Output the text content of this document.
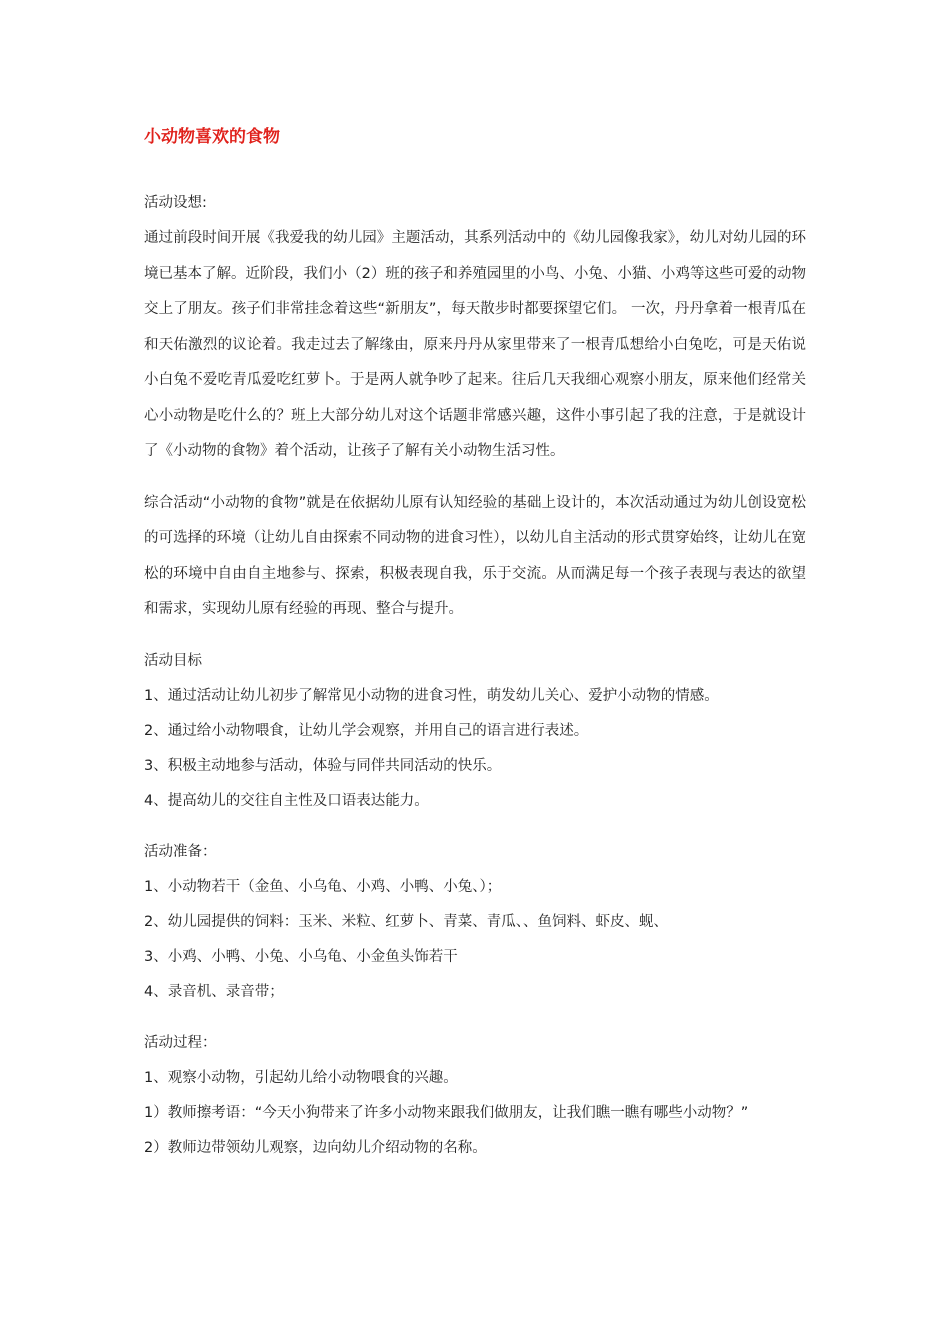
小动物喜欢的食物

活动设想:

通过前段时间开展《我爱我的幼儿园》主题活动，其系列活动中的《幼儿园像我家》，幼儿对幼儿园的环境已基本了解。近阶段，我们小（2）班的孩子和养殖园里的小鸟、小兔、小猫、小鸡等这些可爱的动物交上了朋友。孩子们非常挂念着这些“新朋友”，每天散步时都要探望它们。 一次，丹丹拿着一根青瓜在和天佑激烈的议论着。我走过去了解缘由，原来丹丹从家里带来了一根青瓜想给小白兔吃，可是天佑说小白兔不爱吃青瓜爱吃红萝卜。于是两人就争吵了起来。往后几天我细心观察小朋友，原来他们经常关心小动物是吃什么的？班上大部分幼儿对这个话题非常感兴趣，这件小事引起了我的注意，于是就设计了《小动物的食物》着个活动，让孩子了解有关小动物生活习性。

综合活动“小动物的食物”就是在依据幼儿原有认知经验的基础上设计的，本次活动通过为幼儿创设宽松的可选择的环境（让幼儿自由探索不同动物的进食习性），以幼儿自主活动的形式贯穿始终，让幼儿在宽松的环境中自由自主地参与、探索，积极表现自我，乐于交流。从而满足每一个孩子表现与表达的欲望和需求，实现幼儿原有经验的再现、整合与提升。

活动目标

1、通过活动让幼儿初步了解常见小动物的进食习性，萌发幼儿关心、爱护小动物的情感。

2、通过给小动物喂食，让幼儿学会观察，并用自己的语言进行表述。

3、积极主动地参与活动，体验与同伴共同活动的快乐。

4、提高幼儿的交往自主性及口语表达能力。

活动准备：

1、小动物若干（金鱼、小乌龟、小鸡、小鸭、小兔、）；

2、幼儿园提供的饲料：玉米、米粒、红萝卜、青菜、青瓜、、鱼饲料、虾皮、蚬、

3、小鸡、小鸭、小兔、小乌龟、小金鱼头饰若干

4、录音机、录音带；

活动过程：

1、观察小动物，引起幼儿给小动物喂食的兴趣。

1）教师擦考语：“今天小狗带来了许多小动物来跟我们做朋友，让我们瞧一瞧有哪些小动物？”

2）教师边带领幼儿观察，边向幼儿介绍动物的名称。
